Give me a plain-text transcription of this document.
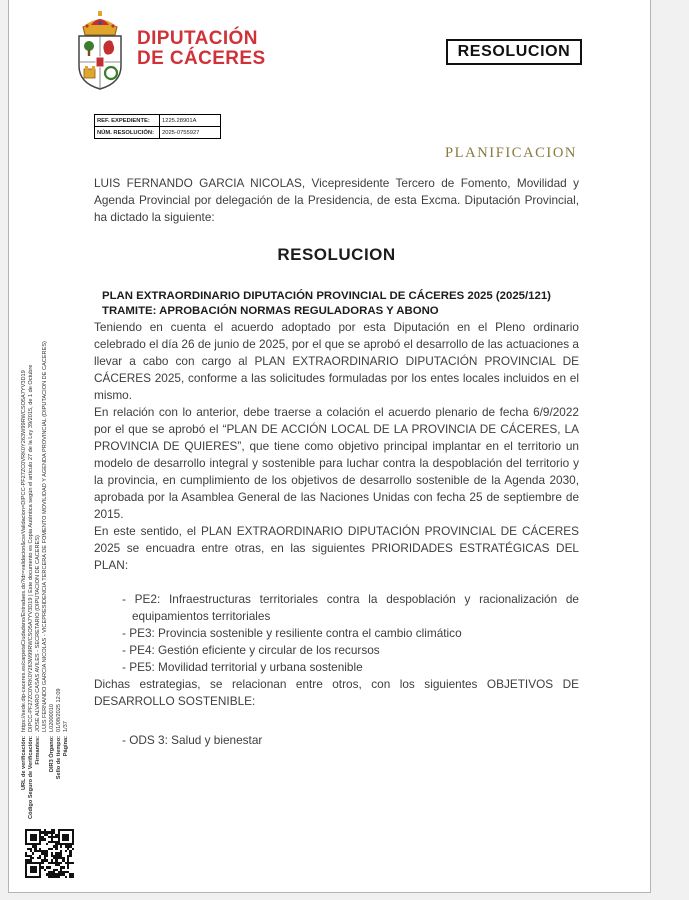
DIPUTACIÓN
DE CÁCERES	RESOLUCION
REF. EXPEDIENTE:	1225.28901A
NÚM. RESOLUCIÓN:	2025-0755927
PLANIFICACION

LUIS FERNANDO GARCIA NICOLAS, Vicepresidente Tercero de Fomento, Movilidad y Agenda Provincial por delegación de la Presidencia, de esta Excma. Diputación Provincial, ha dictado la siguiente:

RESOLUCION
PLAN EXTRAORDINARIO DIPUTACIÓN PROVINCIAL DE CÁCERES 2025 (2025/121)
TRAMITE: APROBACIÓN NORMAS REGULADORAS Y ABONO

Teniendo en cuenta el acuerdo adoptado por esta Diputación en el Pleno ordinario celebrado el día 26 de junio de 2025, por el que se aprobó el desarrollo de las actuaciones a llevar a cabo con cargo al PLAN EXTRAORDINARIO DIPUTACIÓN PROVINCIAL DE CÁCERES 2025, conforme a las solicitudes formuladas por los entes locales incluidos en el mismo.

En relación con lo anterior, debe traerse a colación el acuerdo plenario de fecha 6/9/2022 por el que se aprobó el “PLAN DE ACCIÓN LOCAL DE LA PROVINCIA DE CÁCERES, LA PROVINCIA DE QUIERES”, que tiene como objetivo principal implantar en el territorio un modelo de desarrollo integral y sostenible para luchar contra la despoblación del territorio y la provincia, en cumplimiento de los objetivos de desarrollo sostenible de la Agenda 2030, aprobada por la Asamblea General de las Naciones Unidas con fecha 25 de septiembre de 2015.

En este sentido, el PLAN EXTRAORDINARIO DIPUTACIÓN PROVINCIAL DE CÁCERES 2025 se encuadra entre otras, en las siguientes PRIORIDADES ESTRATÉGICAS DEL PLAN:

- PE2: Infraestructuras territoriales contra la despoblación y racionalización de equipamientos territoriales
- PE3: Provincia sostenible y resiliente contra el cambio climático
- PE4: Gestión eficiente y circular de los recursos
- PE5: Movilidad territorial y urbana sostenible

Dichas estrategias, se relacionan entre otros, con los siguientes OBJETIVOS DE DESARROLLO SOSTENIBLE:

- ODS 3: Salud y bienestar
URL de verificación:
https://sede.dip-caceres.es/carpetaCiudadano/Entradaes.do?idr=validacion&csvValidacion=DIPCC-PF27ZC0VRK0Y263W99RWCSO5A7YV3D19
Código Seguro de Verificación:
DIPCC-PF27ZC0VRK0Y263W99RWCSO5A7YV3D19 | Este documento es Copia Auténtica según el artículo 27 de la Ley 39/2015, de 1 de Octubre
Firmantes:
JOSE ALVARO CASAS AVILES - SECRETARIO (DIPUTACION DE CACERES) LUIS FERNANDO GARCIA NICOLAS - VICEPRESIDENCIA TERCERA DE FOMENTO MOVILIDAD Y AGENDA PROVINCIAL (DIPUTACION DE CACERES)
DIR3 Órgano:
L02000010
Sello de tiempo:
01/08/2025 12:09
Página:
1/37
